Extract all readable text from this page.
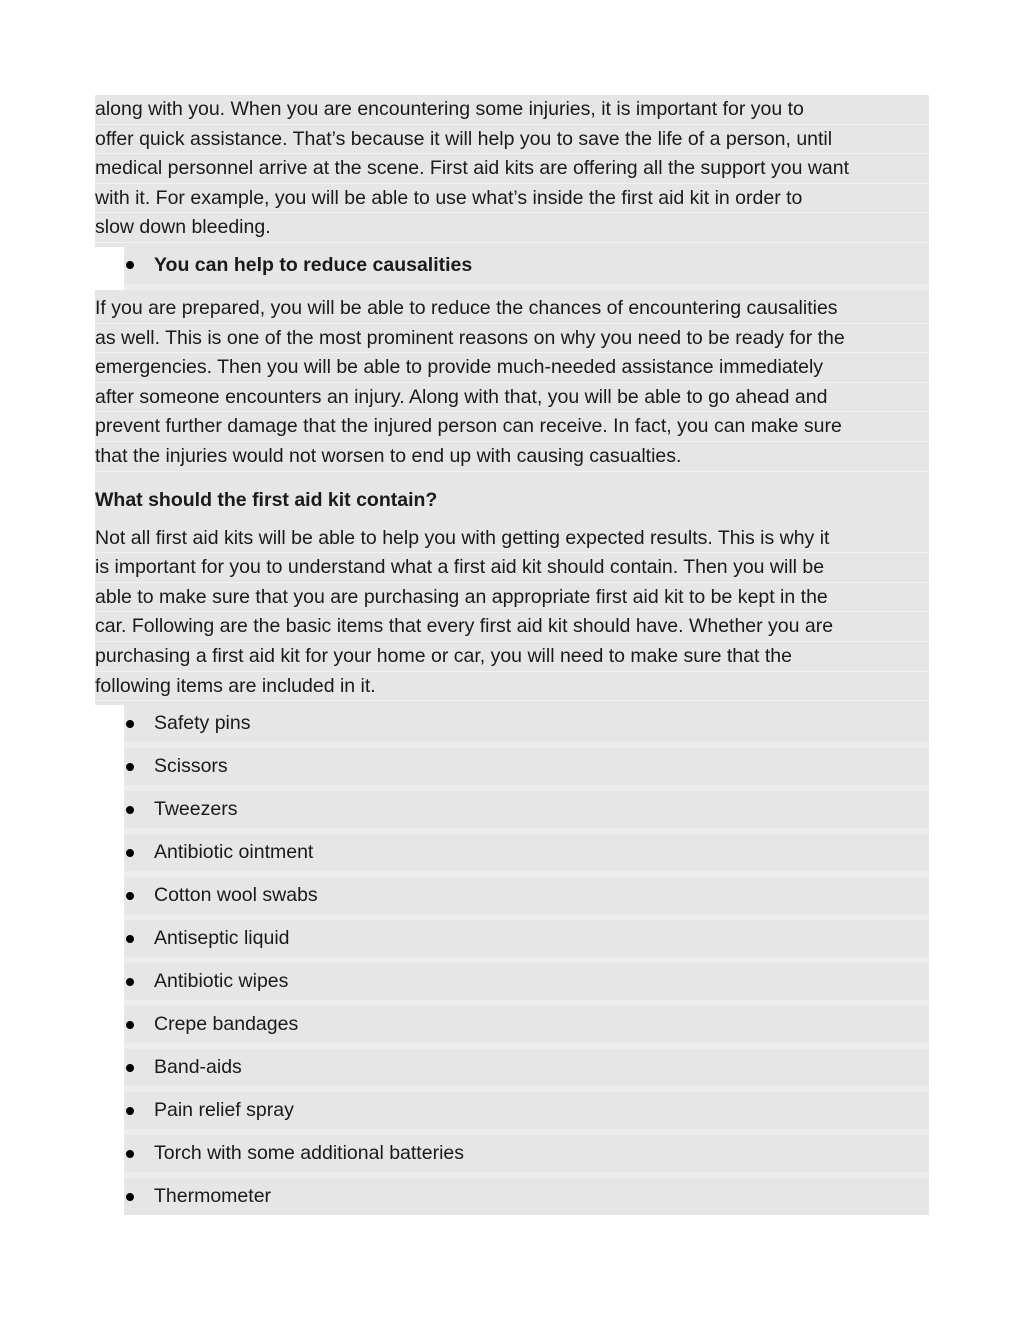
along with you. When you are encountering some injuries, it is important for you to
offer quick assistance. That’s because it will help you to save the life of a person, until
medical personnel arrive at the scene. First aid kits are offering all the support you want
with it. For example, you will be able to use what’s inside the first aid kit in order to
slow down bleeding.
You can help to reduce causalities
If you are prepared, you will be able to reduce the chances of encountering causalities
as well. This is one of the most prominent reasons on why you need to be ready for the
emergencies. Then you will be able to provide much-needed assistance immediately
after someone encounters an injury. Along with that, you will be able to go ahead and
prevent further damage that the injured person can receive. In fact, you can make sure
that the injuries would not worsen to end up with causing casualties.
What should the first aid kit contain?
Not all first aid kits will be able to help you with getting expected results. This is why it
is important for you to understand what a first aid kit should contain. Then you will be
able to make sure that you are purchasing an appropriate first aid kit to be kept in the
car. Following are the basic items that every first aid kit should have. Whether you are
purchasing a first aid kit for your home or car, you will need to make sure that the
following items are included in it.
Safety pins
Scissors
Tweezers
Antibiotic ointment
Cotton wool swabs
Antiseptic liquid
Antibiotic wipes
Crepe bandages
Band-aids
Pain relief spray
Torch with some additional batteries
Thermometer
